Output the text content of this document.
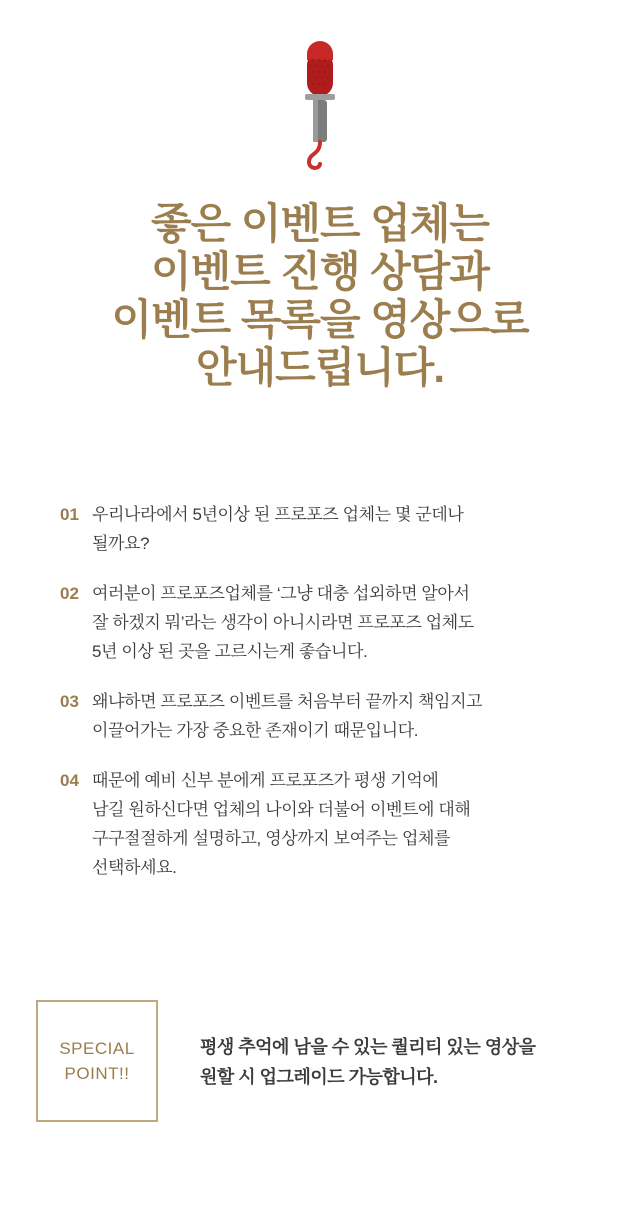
좋은 이벤트 업체는
이벤트 진행 상담과
이벤트 목록을 영상으로
안내드립니다.
01 우리나라에서 5년이상 된 프로포즈 업체는 몇 군데나
될까요?
02 여러분이 프로포즈업체를 ‘그냥 대충 섭외하면 알아서
잘 하겠지 뭐’라는 생각이 아니시라면 프로포즈 업체도
5년 이상 된 곳을 고르시는게 좋습니다.
03 왜냐하면 프로포즈 이벤트를 처음부터 끝까지 책임지고
이끌어가는 가장 중요한 존재이기 때문입니다.
04 때문에 예비 신부 분에게 프로포즈가 평생 기억에
남길 원하신다면 업체의 나이와 더불어 이벤트에 대해
구구절절하게 설명하고, 영상까지 보여주는 업체를
선택하세요.
SPECIAL
POINT!!
평생 추억에 남을 수 있는 퀄리티 있는 영상을
원할 시 업그레이드 가능합니다.
